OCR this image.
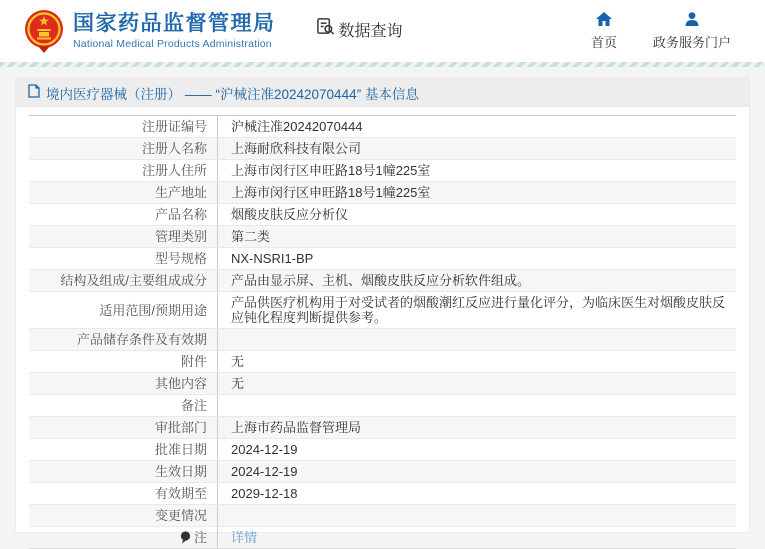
国家药品监督管理局
National Medical Products Administration
数据查询
首页	政务服务门户
境内医疗器械（注册） —— “沪械注准20242070444” 基本信息
注册证编号 沪械注准20242070444
注册人名称 上海耐欣科技有限公司
注册人住所 上海市闵行区申旺路18号1幢225室
生产地址 上海市闵行区申旺路18号1幢225室
产品名称 烟酸皮肤反应分析仪
管理类别 第二类
型号规格 NX-NSRI1-BP
结构及组成/主要组成成分 产品由显示屏、主机、烟酸皮肤反应分析软件组成。
适用范围/预期用途 产品供医疗机构用于对受试者的烟酸潮红反应进行量化评分，为临床医生对烟酸皮肤反应钝化程度判断提供参考。
产品储存条件及有效期
附件 无
其他内容 无
备注
审批部门 上海市药品监督管理局
批准日期 2024-12-19
生效日期 2024-12-19
有效期至 2029-12-18
变更情况
注 详情
